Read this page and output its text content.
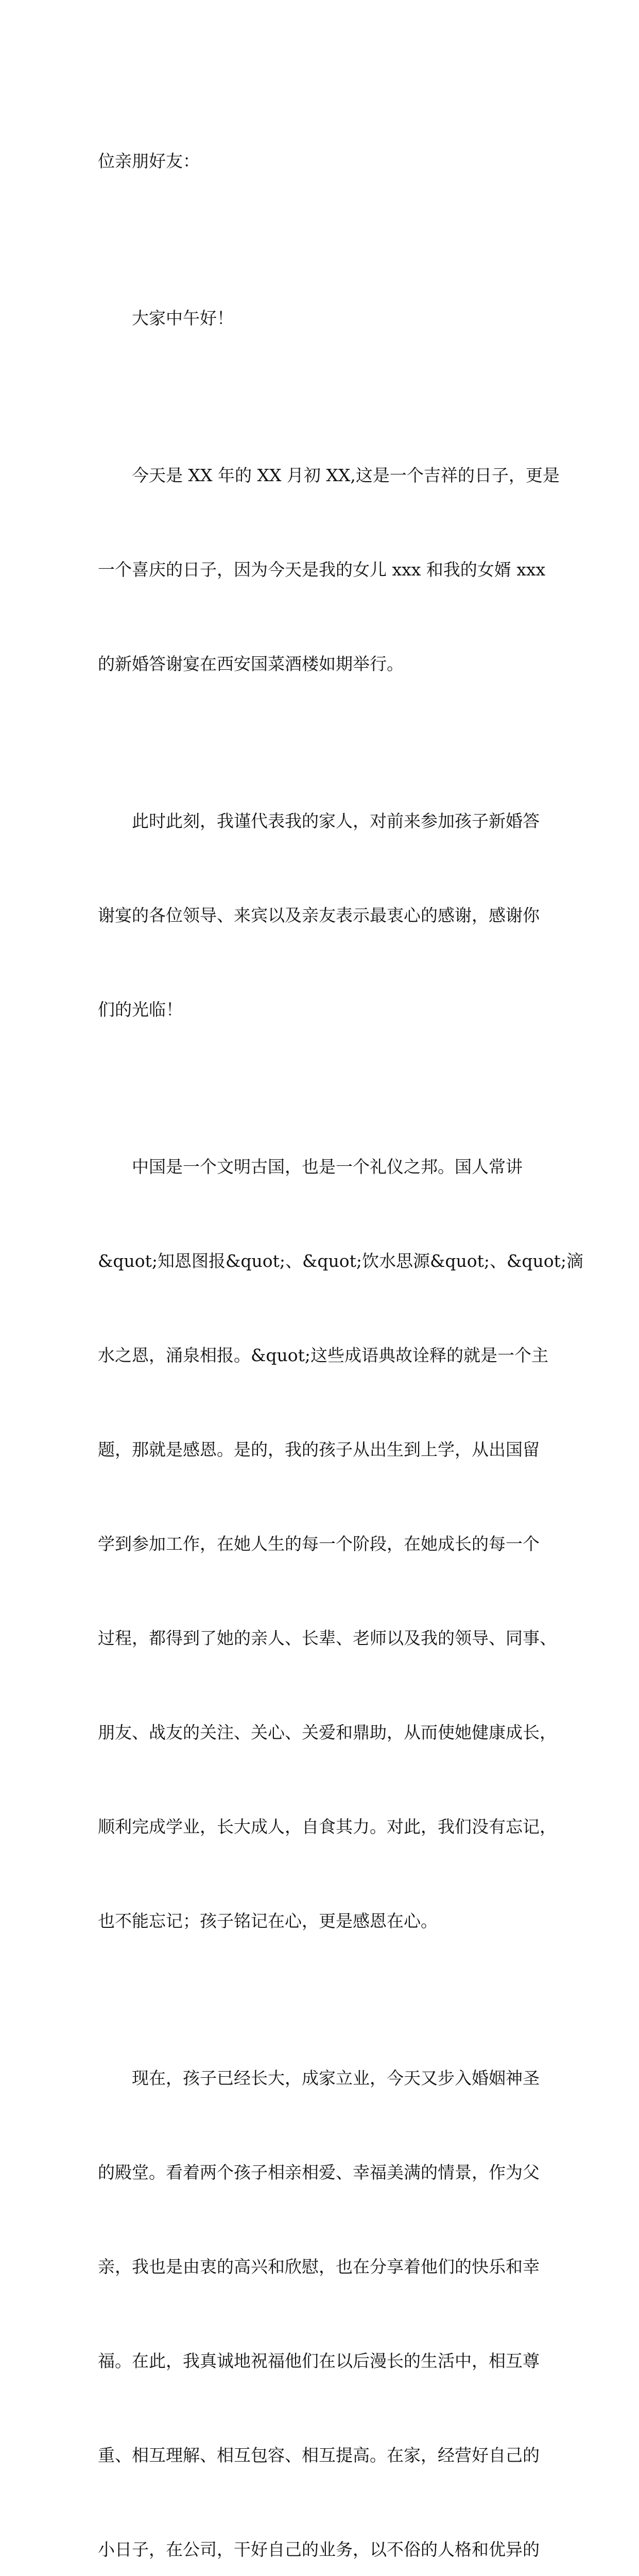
位亲朋好友：

大家中午好！

今天是 XX 年的 XX 月初 XX,这是一个吉祥的日子，更是

一个喜庆的日子，因为今天是我的女儿 xxx 和我的女婿 xxx

的新婚答谢宴在西安国菜酒楼如期举行。

此时此刻，我谨代表我的家人，对前来参加孩子新婚答

谢宴的各位领导、来宾以及亲友表示最衷心的感谢，感谢你

们的光临！

中国是一个文明古国，也是一个礼仪之邦。国人常讲

&quot;知恩图报&quot;、&quot;饮水思源&quot;、&quot;滴

水之恩，涌泉相报。&quot;这些成语典故诠释的就是一个主

题，那就是感恩。是的，我的孩子从出生到上学，从出国留

学到参加工作，在她人生的每一个阶段，在她成长的每一个

过程，都得到了她的亲人、长辈、老师以及我的领导、同事、

朋友、战友的关注、关心、关爱和鼎助，从而使她健康成长，

顺利完成学业，长大成人，自食其力。对此，我们没有忘记，

也不能忘记；孩子铭记在心，更是感恩在心。

现在，孩子已经长大，成家立业，今天又步入婚姻神圣

的殿堂。看着两个孩子相亲相爱、幸福美满的情景，作为父

亲，我也是由衷的高兴和欣慰，也在分享着他们的快乐和幸

福。在此，我真诚地祝福他们在以后漫长的生活中，相互尊

重、相互理解、相互包容、相互提高。在家，经营好自己的

小日子，在公司，干好自己的业务，以不俗的人格和优异的
